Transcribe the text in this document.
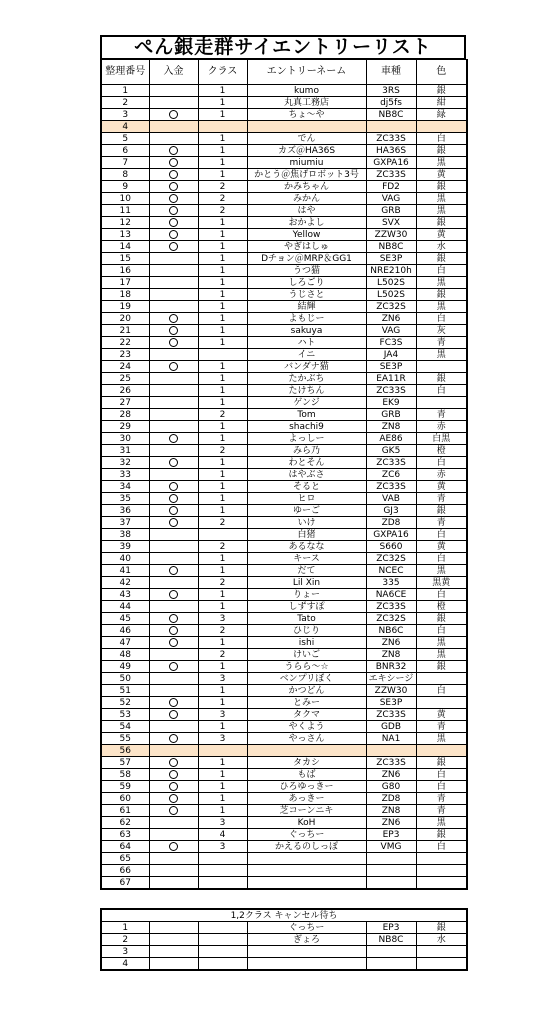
ぺん銀走群サイエントリーリスト
整理番号	入金	クラス	エントリーネーム	車種	色
1		1	kumo	3RS	銀
2		1	丸真工務店	dj5fs	紺
3		1	ちょ～や	NB8C	緑
4					
5		1	でん	ZC33S	白
6		1	カズ＠HA36S	HA36S	銀
7		1	miumiu	GXPA16	黒
8		1	かとう＠焦げロボット3号	ZC33S	黄
9		2	かみちゃん	FD2	銀
10		2	みかん	VAG	黒
11		2	はや	GRB	黒
12		1	おかよし	SVX	銀
13		1	Yellow	ZZW30	黄
14		1	やぎはしゅ	NB8C	水
15		1	Dチョン＠MRP＆GG1	SE3P	銀
16		1	うつ猫	NRE210h	白
17		1	しろごり	L502S	黒
18		1	うじさと	L502S	銀
19		1	結輝	ZC32S	黒
20		1	よもじー	ZN6	白
21		1	sakuya	VAG	灰
22		1	ハト	FC3S	青
23			イニ	JA4	黒
24		1	バンダナ猫	SE3P	
25		1	たかぶち	EA11R	銀
26		1	たけちん	ZC33S	白
27		1	ゲンジ	EK9	
28		2	Tom	GRB	青
29		1	shachi9	ZN8	赤
30		1	よっしー	AE86	白黒
31		2	みら乃	GK5	橙
32		1	わとそん	ZC33S	白
33		1	はやぶさ	ZC6	赤
34		1	そると	ZC33S	黄
35		1	ヒロ	VAB	青
36		1	ゆーご	GJ3	銀
37		2	いけ	ZD8	青
38			白猪	GXPA16	白
39		2	あるなな	S660	黄
40		1	キース	ZC32S	白
41		1	だて	NCEC	黒
42		2	Lil Xin	335	黒黄
43		1	りょー	NA6CE	白
44		1	しずすぽ	ZC33S	橙
45		3	Tato	ZC32S	銀
46		2	ひじり	NB6C	白
47		1	ishi	ZN6	黒
48		2	けいご	ZN8	黒
49		1	うらら～☆	BNR32	銀
50		3	ベンプリぼく	エキシージ	
51		1	かつどん	ZZW30	白
52		1	とみー	SE3P	
53		3	タクマ	ZC33S	黄
54		1	やくよう	GDB	青
55		3	やっさん	NA1	黒
56					
57		1	タカシ	ZC33S	銀
58		1	もば	ZN6	白
59		1	ひろゆっきー	G80	白
60		1	あっきー	ZD8	青
61		1	芝コーンニキ	ZN8	青
62		3	KoH	ZN6	黒
63		4	ぐっちー	EP3	銀
64		3	かえるのしっぽ	VMG	白
65					
66					
67					
1,2クラス キャンセル待ち					
1			ぐっちー	EP3	銀
2			ぎょろ	NB8C	水
3					
4					
